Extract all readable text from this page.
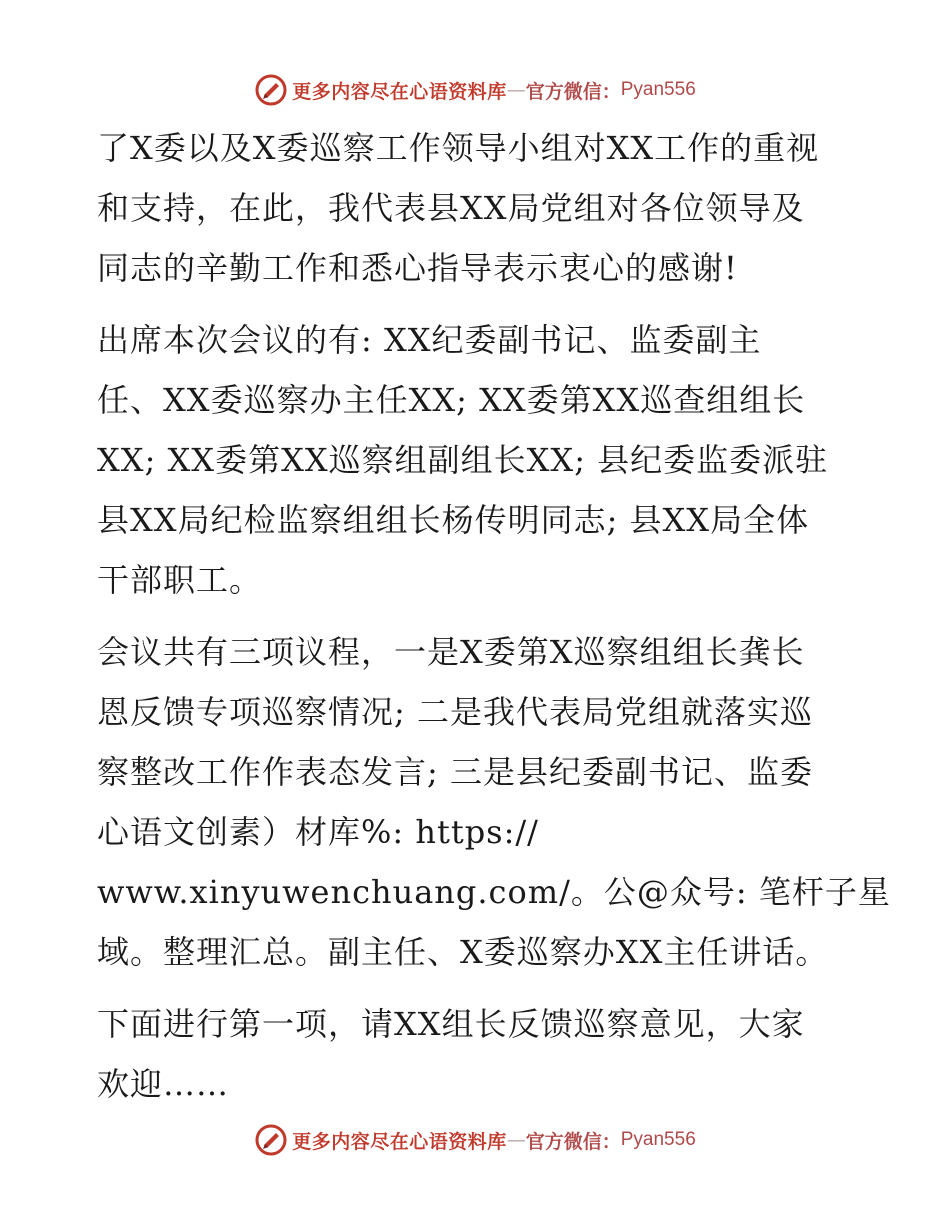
更多内容尽在心语资料库 — 官方微信： Pyan556
了X委以及X委巡察工作领导小组对XX工作的重视
和支持，在此，我代表县XX局党组对各位领导及
同志的辛勤工作和悉心指导表示衷心的感谢!
出席本次会议的有: XX纪委副书记、监委副主
任、XX委巡察办主任XX; XX委第XX巡查组组长
XX; XX委第XX巡察组副组长XX; 县纪委监委派驻
县XX局纪检监察组组长杨传明同志; 县XX局全体
干部职工。
会议共有三项议程，一是X委第X巡察组组长龚长
恩反馈专项巡察情况; 二是我代表局党组就落实巡
察整改工作作表态发言; 三是县纪委副书记、监委
心语文创素）材库%: https://
www.xinyuwenchuang.com/。公@众号: 笔杆子星
域。整理汇总。副主任、X委巡察办XX主任讲话。
下面进行第一项，请XX组长反馈巡察意见，大家
欢迎……
更多内容尽在心语资料库 — 官方微信： Pyan556
